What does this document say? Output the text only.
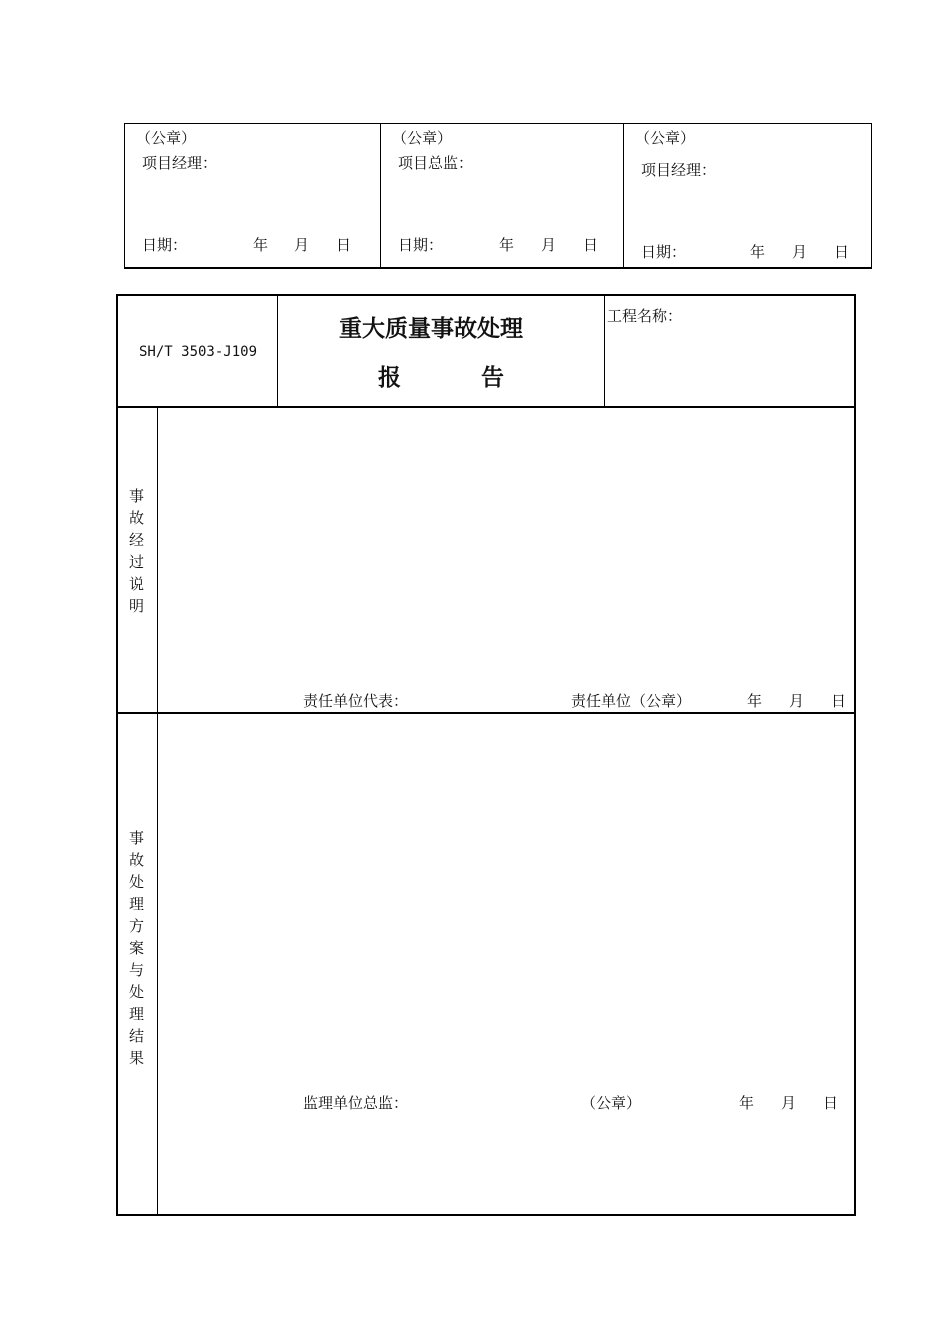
（公章）
项目经理：
日期：	年 月 日
（公章）
项目总监：
日期：	年 月 日
（公章）
项目经理：
日期：	年 月 日
SH/T 3503-J109
重大质量事故处理
报	告
工程名称：
事故经过说明
责任单位代表：	责任单位（公章）	年 月 日
事故处理方案与处理结果
监理单位总监：	（公章）	年 月 日
